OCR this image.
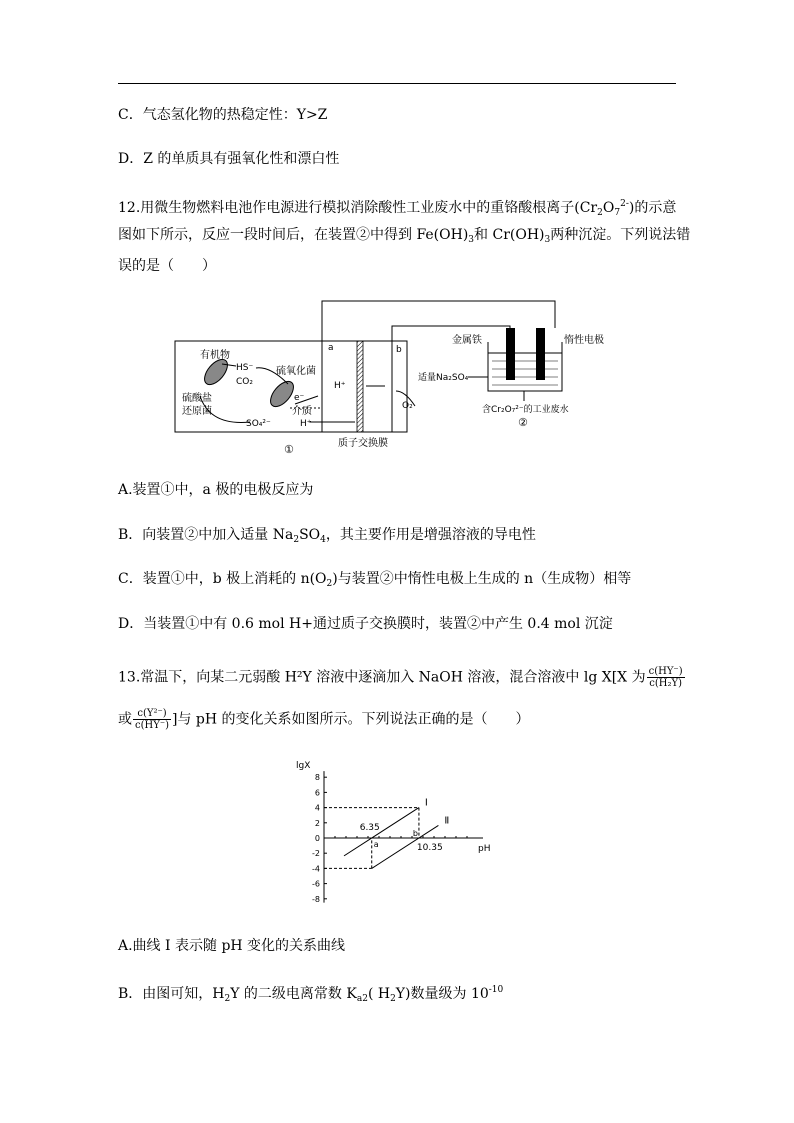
C．气态氢化物的热稳定性：Y>Z
D．Z 的单质具有强氧化性和漂白性
12.用微生物燃料电池作电源进行模拟消除酸性工业废水中的重铬酸根离子$(Cr_2O_7^{2-})$的示意
图如下所示，反应一段时间后，在装置②中得到 $Fe(OH)_3$和 $Cr(OH)_3$两种沉淀。下列说法错
误的是（　　）
有机物
HS⁻
CO₂
硫氧化菌
硫酸盐
还原菌
SO₄²⁻
e⁻
介质
H⁺
H⁺
a	b
O₂
质子交换膜
①
金属铁	惰性电极
适量Na₂SO₄
含Cr₂O₇²⁻的工业废水
②
A.装置①中，a 极的电极反应为
B．向装置②中加入适量 $Na_2SO_4$，其主要作用是增强溶液的导电性
C．装置①中，b 极上消耗的 $n(O_2)$与装置②中惰性电极上生成的 n（生成物）相等
D．当装置①中有 0.6 mol H+通过质子交换膜时，装置②中产生 0.4 mol 沉淀
13.常温下，向某二元弱酸 H²Y 溶液中逐滴加入 NaOH 溶液，混合溶液中 lg X[X 为 $\frac{c(HY^-)}{\text{c(H₂Y)}}$
或 $\frac{\text{c(Y²⁻)}}{c(HY^-)}$ ]与 pH 的变化关系如图所示。下列说法正确的是（　　）
lgX
pH
8
6
4
2
0
-2
-4
-6
-8
Ⅰ
Ⅱ
6.35
10.35
a
b
A.曲线 I 表示随 pH 变化的关系曲线
B．由图可知，$H_2Y$ 的二级电离常数 $K_{a2}$( $H_2Y$)数量级为 $10^{-10}$
